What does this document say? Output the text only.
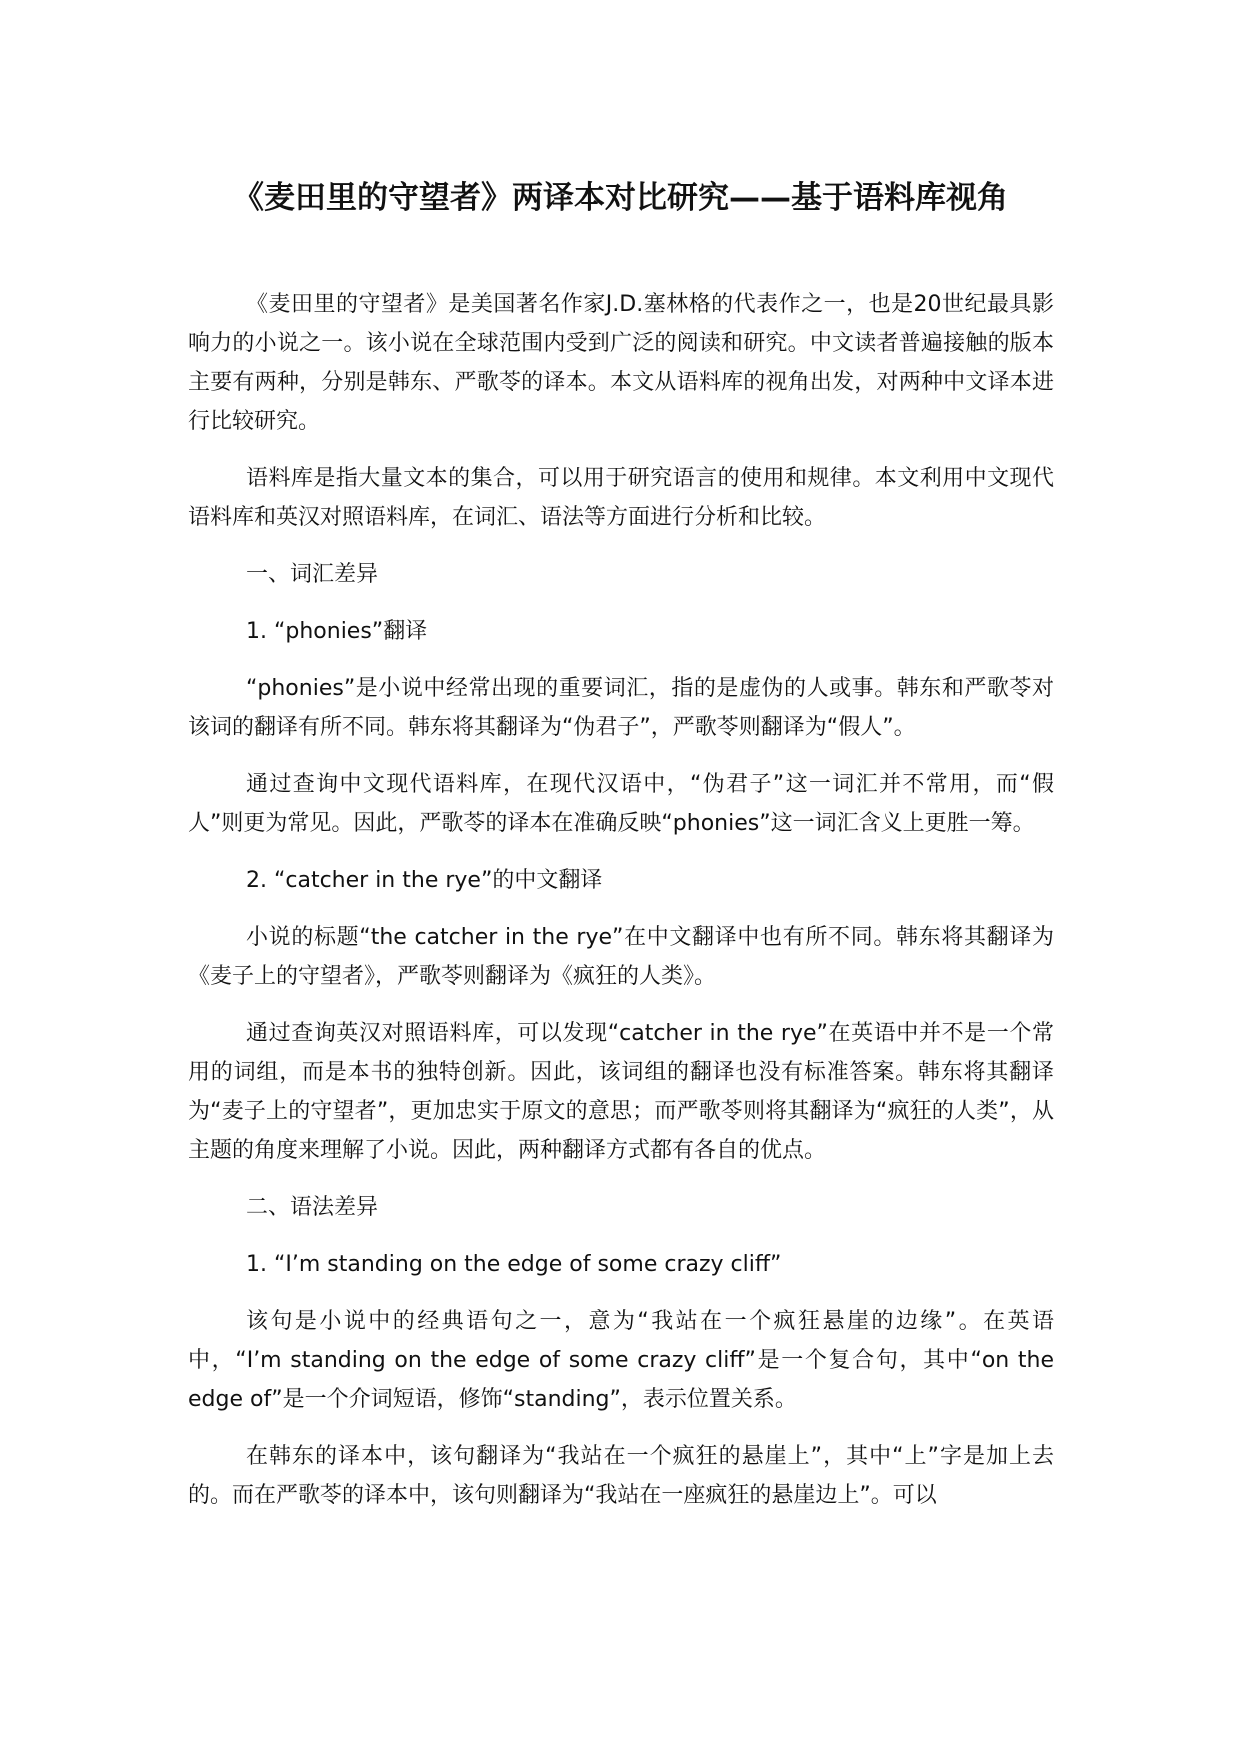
《麦田里的守望者》两译本对比研究——基于语料库视角

《麦田里的守望者》是美国著名作家J.D.塞林格的代表作之一，也是20世纪最具影响力的小说之一。该小说在全球范围内受到广泛的阅读和研究。中文读者普遍接触的版本主要有两种，分别是韩东、严歌苓的译本。本文从语料库的视角出发，对两种中文译本进行比较研究。

语料库是指大量文本的集合，可以用于研究语言的使用和规律。本文利用中文现代语料库和英汉对照语料库，在词汇、语法等方面进行分析和比较。

一、词汇差异

1. “phonies”翻译

“phonies”是小说中经常出现的重要词汇，指的是虚伪的人或事。韩东和严歌苓对该词的翻译有所不同。韩东将其翻译为“伪君子”，严歌苓则翻译为“假人”。

通过查询中文现代语料库，在现代汉语中，“伪君子”这一词汇并不常用，而“假人”则更为常见。因此，严歌苓的译本在准确反映“phonies”这一词汇含义上更胜一筹。

2. “catcher in the rye”的中文翻译

小说的标题“the catcher in the rye”在中文翻译中也有所不同。韩东将其翻译为《麦子上的守望者》，严歌苓则翻译为《疯狂的人类》。

通过查询英汉对照语料库，可以发现“catcher in the rye”在英语中并不是一个常用的词组，而是本书的独特创新。因此，该词组的翻译也没有标准答案。韩东将其翻译为“麦子上的守望者”，更加忠实于原文的意思；而严歌苓则将其翻译为“疯狂的人类”，从主题的角度来理解了小说。因此，两种翻译方式都有各自的优点。

二、语法差异

1. “I’m standing on the edge of some crazy cliff”

该句是小说中的经典语句之一，意为“我站在一个疯狂悬崖的边缘”。在英语中，“I’m standing on the edge of some crazy cliff”是一个复合句，其中“on the edge of”是一个介词短语，修饰“standing”，表示位置关系。

在韩东的译本中，该句翻译为“我站在一个疯狂的悬崖上”，其中“上”字是加上去的。而在严歌苓的译本中，该句则翻译为“我站在一座疯狂的悬崖边上”。可以
